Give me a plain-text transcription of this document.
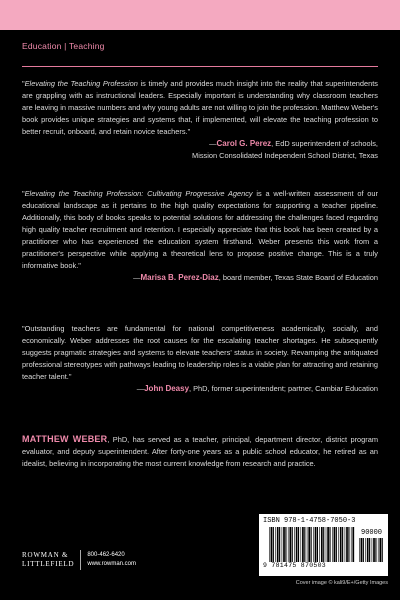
Education | Teaching
"Elevating the Teaching Profession is timely and provides much insight into the reality that superintendents are grappling with as instructional leaders. Especially important is understanding why classroom teachers are leaving in massive numbers and why young adults are not willing to join the profession. Matthew Weber's book provides unique strategies and systems that, if implemented, will elevate the teaching profession to better recruit, onboard, and retain novice teachers."
—Carol G. Perez, EdD superintendent of schools,
Mission Consolidated Independent School District, Texas
"Elevating the Teaching Profession: Cultivating Progressive Agency is a well-written assessment of our educational landscape as it pertains to the high quality expectations for supporting a teacher pipeline. Additionally, this body of books speaks to potential solutions for addressing the challenges faced regarding high quality teacher recruitment and retention. I especially appreciate that this book has been created by a practitioner who has experienced the education system firsthand. Weber presents this work from a practitioner's perspective while applying a theoretical lens to propose positive change. This is a truly informative book."
—Marisa B. Perez-Diaz, board member, Texas State Board of Education
"Outstanding teachers are fundamental for national competitiveness academically, socially, and economically. Weber addresses the root causes for the escalating teacher shortages. He subsequently suggests pragmatic strategies and systems to elevate teachers' status in society. Revamping the antiquated professional stereotypes with pathways leading to leadership roles is a viable plan for attracting and retaining teacher talent."
—John Deasy, PhD, former superintendent; partner, Cambiar Education
MATTHEW WEBER, PhD, has served as a teacher, principal, department director, district program evaluator, and deputy superintendent. After forty-one years as a public school educator, he retired as an idealist, believing in incorporating the most current knowledge from research and practice.
ROWMAN &
LITTLEFIELD
800-462-6420
www.rowman.com
ISBN 978-1-4758-7050-3
90000
9 781475 870503
Cover image © kali9/E+/Getty Images
